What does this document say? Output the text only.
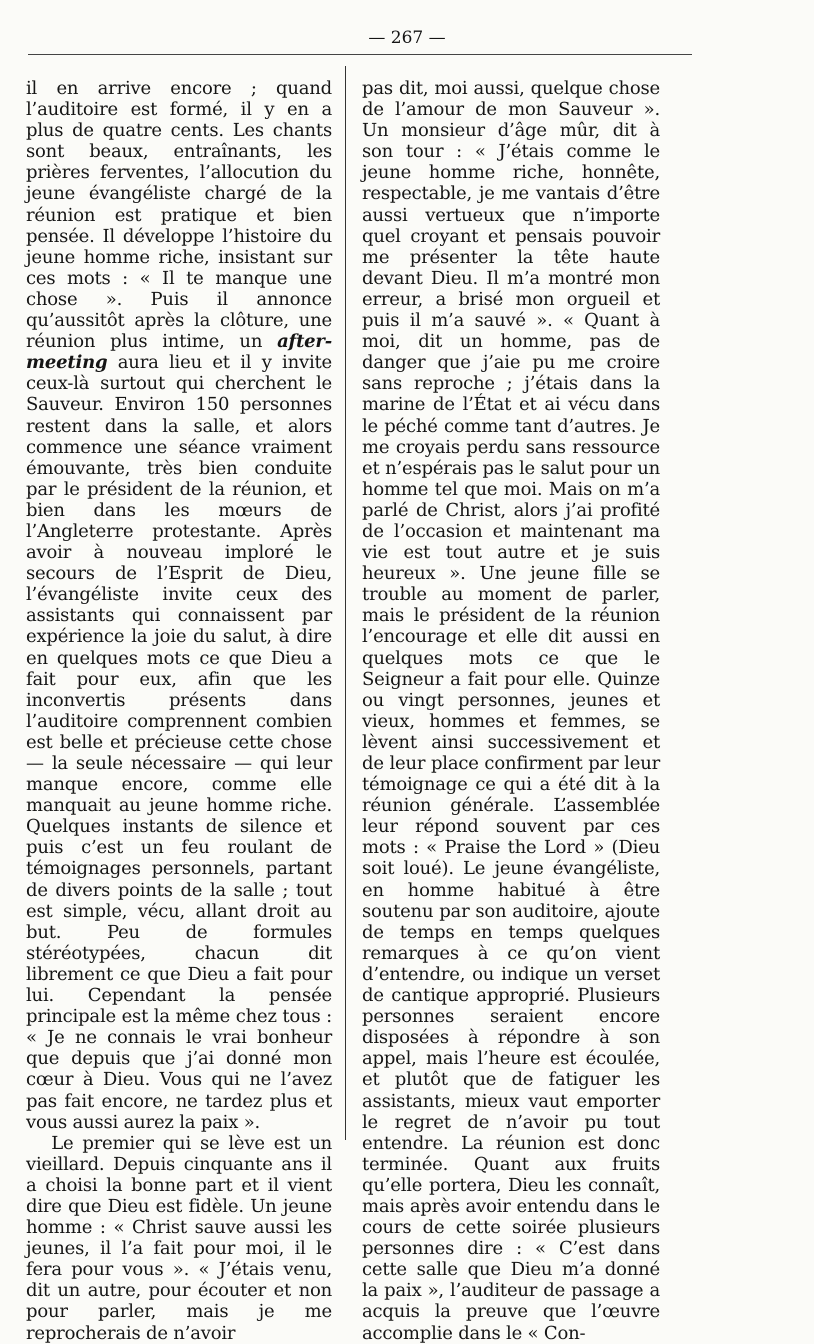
— 267 —

il en arrive encore ; quand l’auditoire est formé, il y en a plus de quatre cents. Les chants sont beaux, entraînants, les prières ferventes, l’allocution du jeune évangéliste chargé de la réunion est pratique et bien pensée. Il développe l’histoire du jeune homme riche, insistant sur ces mots : « Il te manque une chose ». Puis il annonce qu’aussitôt après la clôture, une réunion plus intime, un after-meeting aura lieu et il y invite ceux-là surtout qui cherchent le Sauveur. Environ 150 personnes restent dans la salle, et alors commence une séance vraiment émouvante, très bien conduite par le président de la réunion, et bien dans les mœurs de l’Angleterre protestante. Après avoir à nouveau imploré le secours de l’Esprit de Dieu, l’évangéliste invite ceux des assistants qui connaissent par expérience la joie du salut, à dire en quelques mots ce que Dieu a fait pour eux, afin que les inconvertis présents dans l’auditoire comprennent combien est belle et précieuse cette chose — la seule nécessaire — qui leur manque encore, comme elle manquait au jeune homme riche. Quelques instants de silence et puis c’est un feu roulant de témoignages personnels, partant de divers points de la salle ; tout est simple, vécu, allant droit au but. Peu de formules stéréotypées, chacun dit librement ce que Dieu a fait pour lui. Cependant la pensée principale est la même chez tous : « Je ne connais le vrai bonheur que depuis que j’ai donné mon cœur à Dieu. Vous qui ne l’avez pas fait encore, ne tardez plus et vous aussi aurez la paix ».

Le premier qui se lève est un vieillard. Depuis cinquante ans il a choisi la bonne part et il vient dire que Dieu est fidèle. Un jeune homme : « Christ sauve aussi les jeunes, il l’a fait pour moi, il le fera pour vous ». « J’étais venu, dit un autre, pour écouter et non pour parler, mais je me reprocherais de n’avoir

pas dit, moi aussi, quelque chose de l’amour de mon Sauveur ». Un monsieur d’âge mûr, dit à son tour : « J’étais comme le jeune homme riche, honnête, respectable, je me vantais d’être aussi vertueux que n’importe quel croyant et pensais pouvoir me présenter la tête haute devant Dieu. Il m’a montré mon erreur, a brisé mon orgueil et puis il m’a sauvé ». « Quant à moi, dit un homme, pas de danger que j’aie pu me croire sans reproche ; j’étais dans la marine de l’État et ai vécu dans le péché comme tant d’autres. Je me croyais perdu sans ressource et n’espérais pas le salut pour un homme tel que moi. Mais on m’a parlé de Christ, alors j’ai profité de l’occasion et maintenant ma vie est tout autre et je suis heureux ». Une jeune fille se trouble au moment de parler, mais le président de la réunion l’encourage et elle dit aussi en quelques mots ce que le Seigneur a fait pour elle. Quinze ou vingt personnes, jeunes et vieux, hommes et femmes, se lèvent ainsi successivement et de leur place confirment par leur témoignage ce qui a été dit à la réunion générale. L’assemblée leur répond souvent par ces mots : « Praise the Lord » (Dieu soit loué). Le jeune évangéliste, en homme habitué à être soutenu par son auditoire, ajoute de temps en temps quelques remarques à ce qu’on vient d’entendre, ou indique un verset de cantique approprié. Plusieurs personnes seraient encore disposées à répondre à son appel, mais l’heure est écoulée, et plutôt que de fatiguer les assistants, mieux vaut emporter le regret de n’avoir pu tout entendre. La réunion est donc terminée. Quant aux fruits qu’elle portera, Dieu les connaît, mais après avoir entendu dans le cours de cette soirée plusieurs personnes dire : « C’est dans cette salle que Dieu m’a donné la paix », l’auditeur de passage a acquis la preuve que l’œuvre accomplie dans le « Con-
